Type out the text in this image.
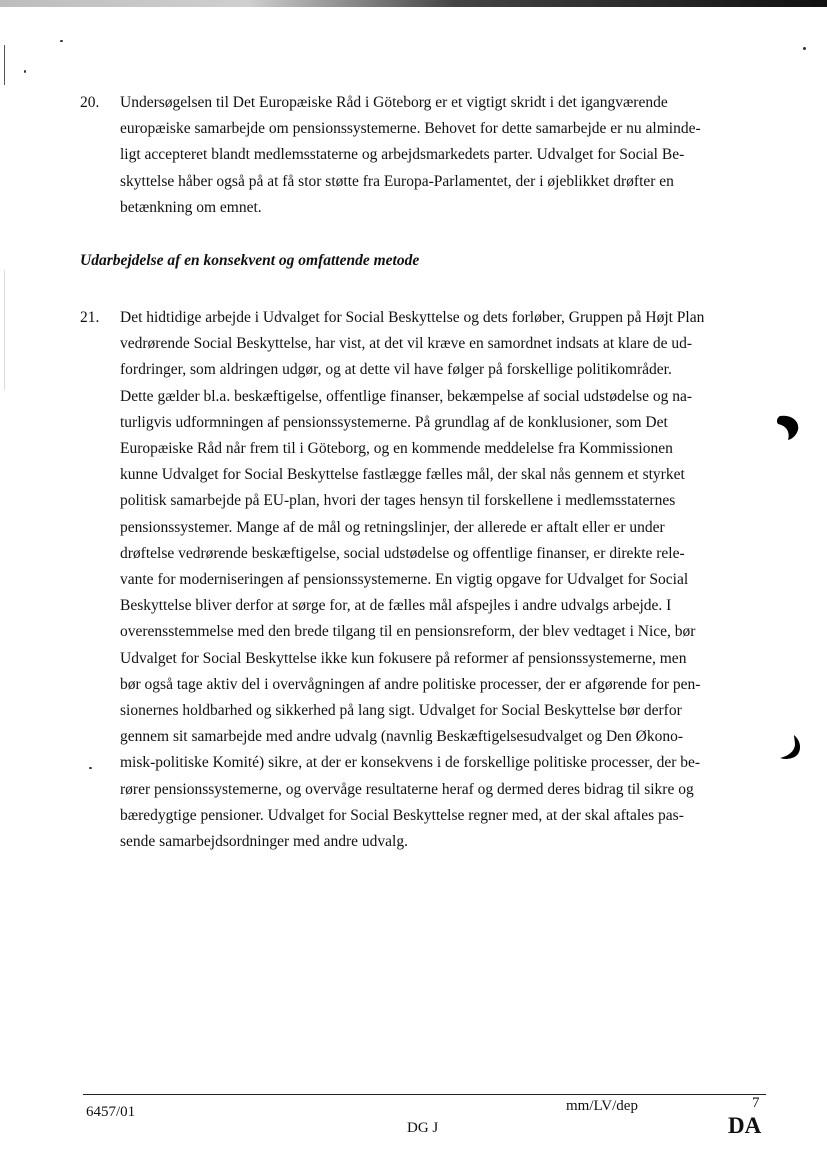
20. Undersøgelsen til Det Europæiske Råd i Göteborg er et vigtigt skridt i det igangværende
europæiske samarbejde om pensionssystemerne. Behovet for dette samarbejde er nu alminde-
ligt accepteret blandt medlemsstaterne og arbejdsmarkedets parter. Udvalget for Social Be-
skyttelse håber også på at få stor støtte fra Europa-Parlamentet, der i øjeblikket drøfter en
betænkning om emnet.
Udarbejdelse af en konsekvent og omfattende metode
21. Det hidtidige arbejde i Udvalget for Social Beskyttelse og dets forløber, Gruppen på Højt Plan
vedrørende Social Beskyttelse, har vist, at det vil kræve en samordnet indsats at klare de ud-
fordringer, som aldringen udgør, og at dette vil have følger på forskellige politikområder.
Dette gælder bl.a. beskæftigelse, offentlige finanser, bekæmpelse af social udstødelse og na-
turligvis udformningen af pensionssystemerne. På grundlag af de konklusioner, som Det
Europæiske Råd når frem til i Göteborg, og en kommende meddelelse fra Kommissionen
kunne Udvalget for Social Beskyttelse fastlægge fælles mål, der skal nås gennem et styrket
politisk samarbejde på EU-plan, hvori der tages hensyn til forskellene i medlemsstaternes
pensionssystemer. Mange af de mål og retningslinjer, der allerede er aftalt eller er under
drøftelse vedrørende beskæftigelse, social udstødelse og offentlige finanser, er direkte rele-
vante for moderniseringen af pensionssystemerne. En vigtig opgave for Udvalget for Social
Beskyttelse bliver derfor at sørge for, at de fælles mål afspejles i andre udvalgs arbejde. I
overensstemmelse med den brede tilgang til en pensionsreform, der blev vedtaget i Nice, bør
Udvalget for Social Beskyttelse ikke kun fokusere på reformer af pensionssystemerne, men
bør også tage aktiv del i overvågningen af andre politiske processer, der er afgørende for pen-
sionernes holdbarhed og sikkerhed på lang sigt. Udvalget for Social Beskyttelse bør derfor
gennem sit samarbejde med andre udvalg (navnlig Beskæftigelsesudvalget og Den Økono-
misk-politiske Komité) sikre, at der er konsekvens i de forskellige politiske processer, der be-
rører pensionssystemerne, og overvåge resultaterne heraf og dermed deres bidrag til sikre og
bæredygtige pensioner. Udvalget for Social Beskyttelse regner med, at der skal aftales pas-
sende samarbejdsordninger med andre udvalg.
6457/01
DG J
mm/LV/dep	7
DA
